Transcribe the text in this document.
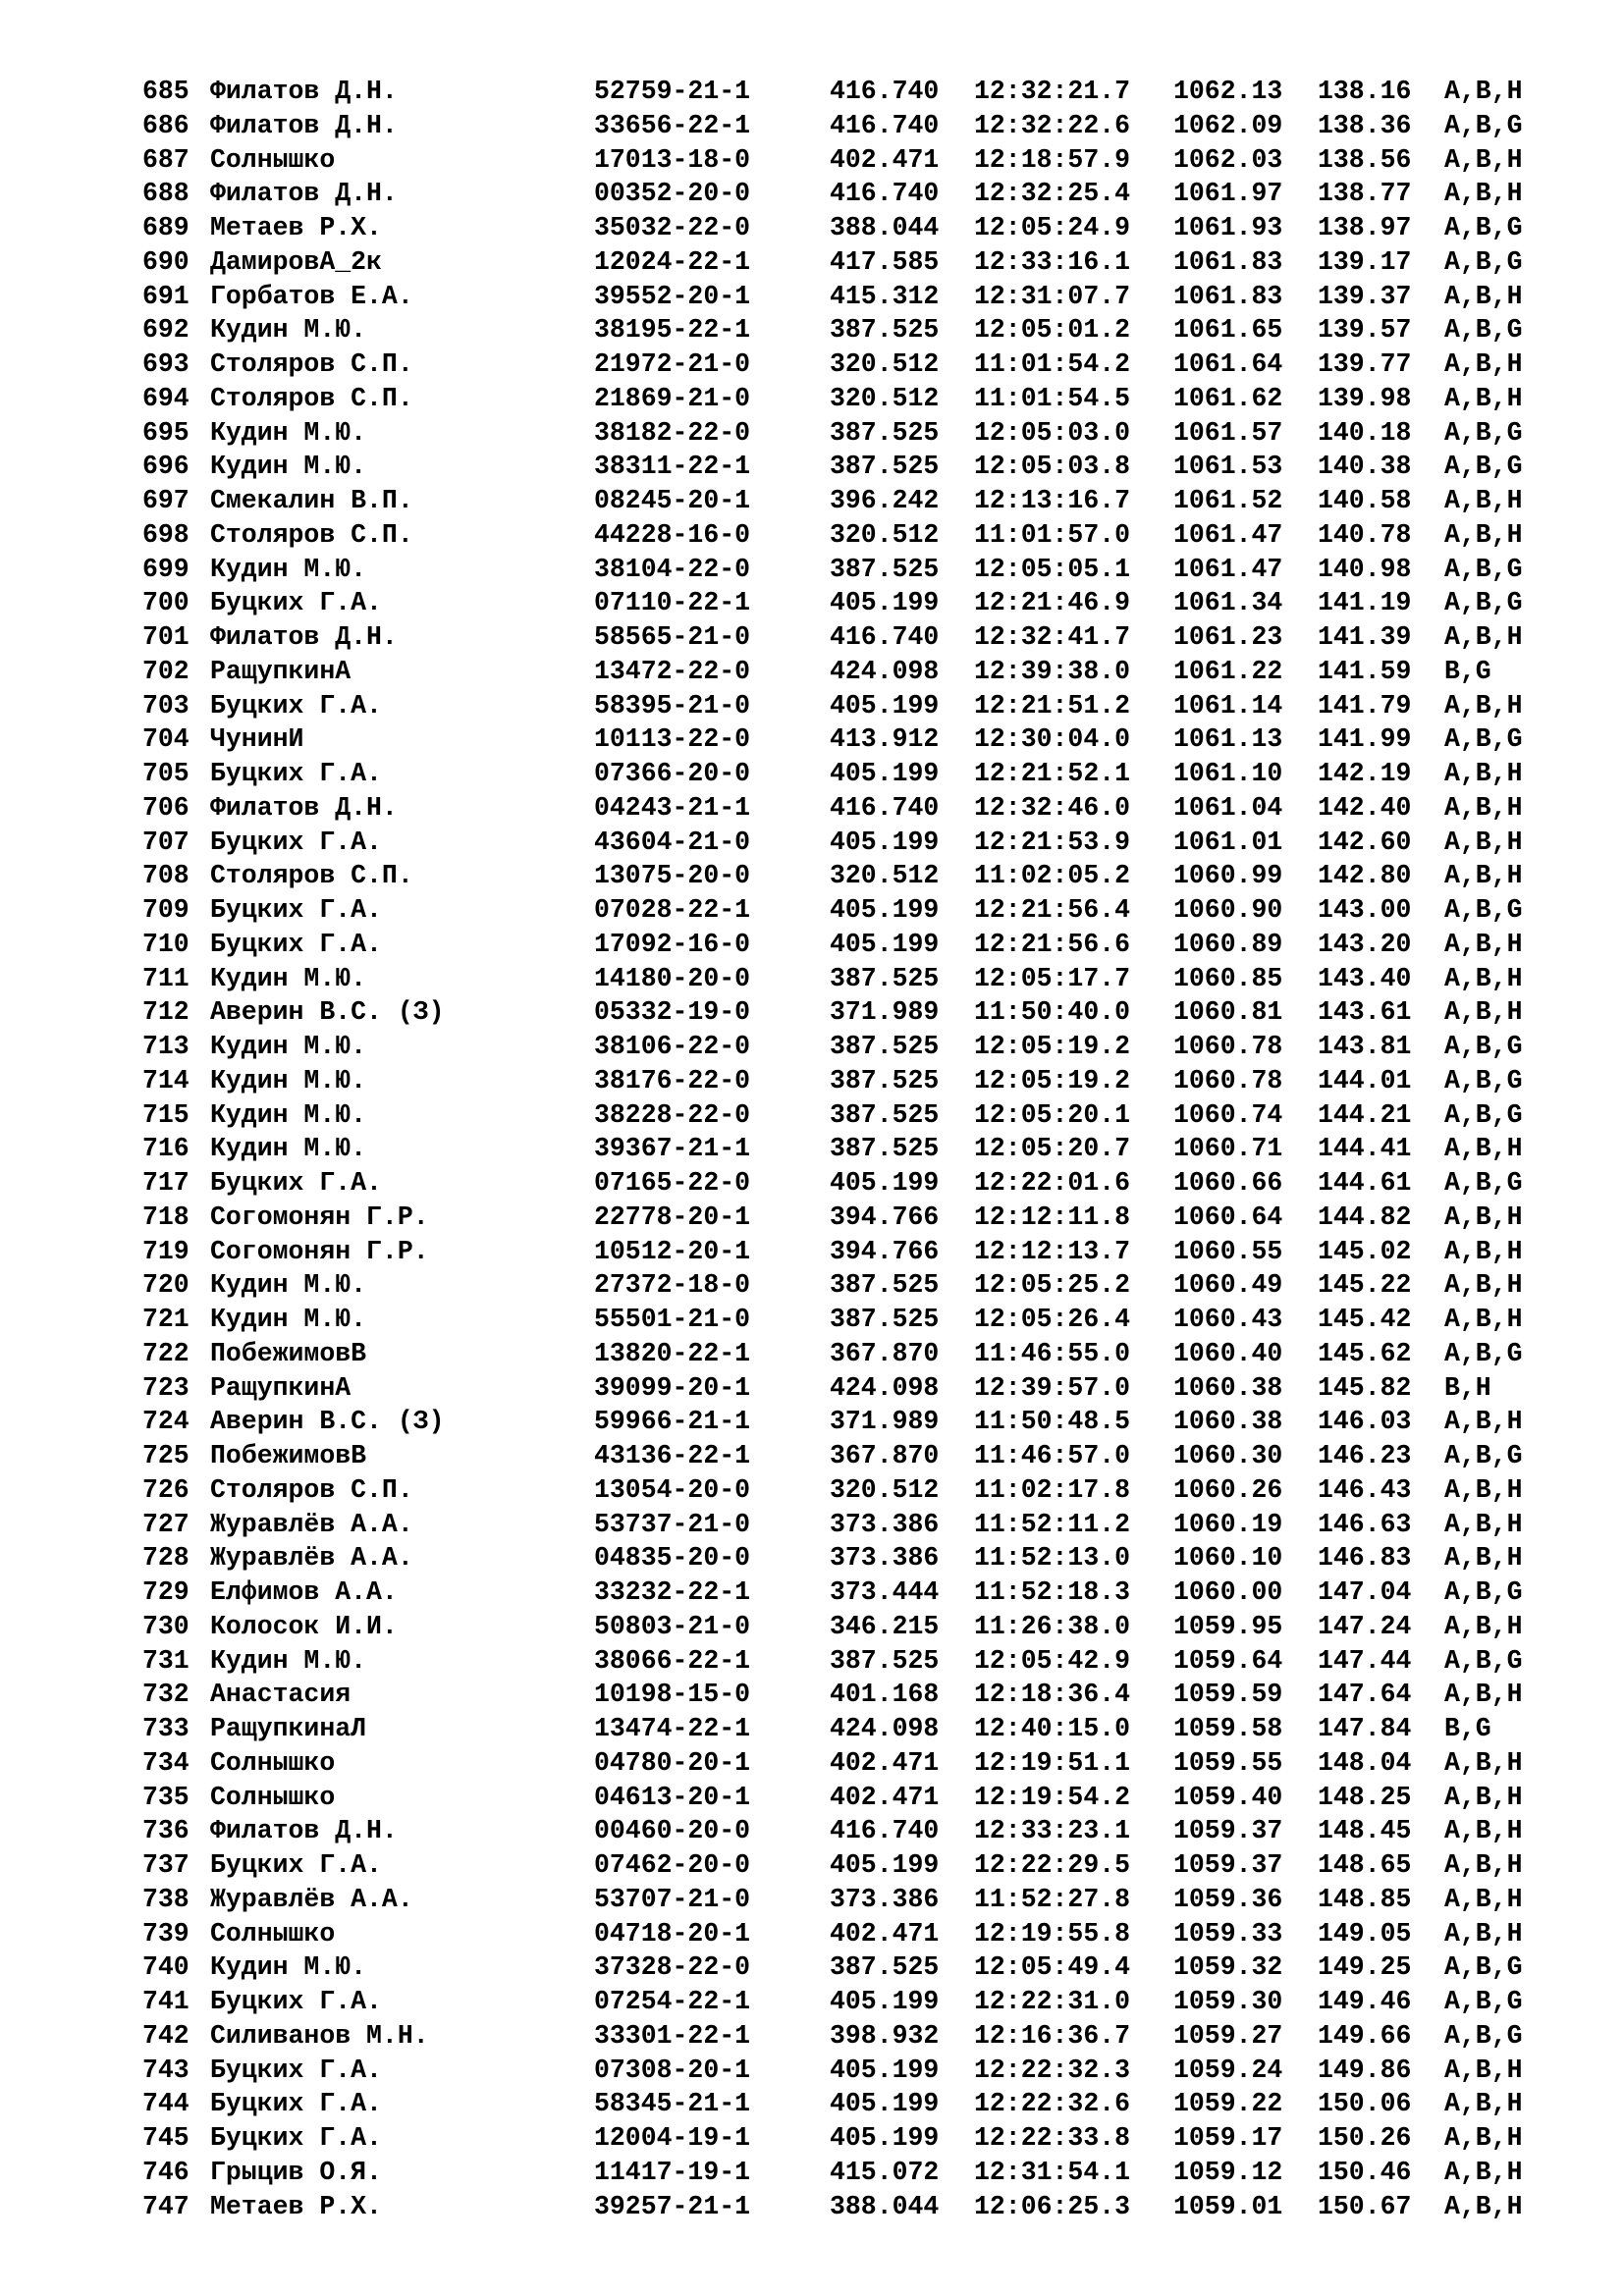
685 Филатов Д.Н.	52759-21-1	416.740	12:32:21.7	1062.13	138.16	A,B,H
686 Филатов Д.Н.	33656-22-1	416.740	12:32:22.6	1062.09	138.36	A,B,G
687 Солнышко	17013-18-0	402.471	12:18:57.9	1062.03	138.56	A,B,H
688 Филатов Д.Н.	00352-20-0	416.740	12:32:25.4	1061.97	138.77	A,B,H
689 Метаев Р.Х.	35032-22-0	388.044	12:05:24.9	1061.93	138.97	A,B,G
690 ДамировА_2к	12024-22-1	417.585	12:33:16.1	1061.83	139.17	A,B,G
691 Горбатов Е.А.	39552-20-1	415.312	12:31:07.7	1061.83	139.37	A,B,H
692 Кудин М.Ю.	38195-22-1	387.525	12:05:01.2	1061.65	139.57	A,B,G
693 Столяров С.П.	21972-21-0	320.512	11:01:54.2	1061.64	139.77	A,B,H
694 Столяров С.П.	21869-21-0	320.512	11:01:54.5	1061.62	139.98	A,B,H
695 Кудин М.Ю.	38182-22-0	387.525	12:05:03.0	1061.57	140.18	A,B,G
696 Кудин М.Ю.	38311-22-1	387.525	12:05:03.8	1061.53	140.38	A,B,G
697 Смекалин В.П.	08245-20-1	396.242	12:13:16.7	1061.52	140.58	A,B,H
698 Столяров С.П.	44228-16-0	320.512	11:01:57.0	1061.47	140.78	A,B,H
699 Кудин М.Ю.	38104-22-0	387.525	12:05:05.1	1061.47	140.98	A,B,G
700 Буцких Г.А.	07110-22-1	405.199	12:21:46.9	1061.34	141.19	A,B,G
701 Филатов Д.Н.	58565-21-0	416.740	12:32:41.7	1061.23	141.39	A,B,H
702 РащупкинА	13472-22-0	424.098	12:39:38.0	1061.22	141.59	B,G
703 Буцких Г.А.	58395-21-0	405.199	12:21:51.2	1061.14	141.79	A,B,H
704 ЧунинИ	10113-22-0	413.912	12:30:04.0	1061.13	141.99	A,B,G
705 Буцких Г.А.	07366-20-0	405.199	12:21:52.1	1061.10	142.19	A,B,H
706 Филатов Д.Н.	04243-21-1	416.740	12:32:46.0	1061.04	142.40	A,B,H
707 Буцких Г.А.	43604-21-0	405.199	12:21:53.9	1061.01	142.60	A,B,H
708 Столяров С.П.	13075-20-0	320.512	11:02:05.2	1060.99	142.80	A,B,H
709 Буцких Г.А.	07028-22-1	405.199	12:21:56.4	1060.90	143.00	A,B,G
710 Буцких Г.А.	17092-16-0	405.199	12:21:56.6	1060.89	143.20	A,B,H
711 Кудин М.Ю.	14180-20-0	387.525	12:05:17.7	1060.85	143.40	A,B,H
712 Аверин В.С. (З)	05332-19-0	371.989	11:50:40.0	1060.81	143.61	A,B,H
713 Кудин М.Ю.	38106-22-0	387.525	12:05:19.2	1060.78	143.81	A,B,G
714 Кудин М.Ю.	38176-22-0	387.525	12:05:19.2	1060.78	144.01	A,B,G
715 Кудин М.Ю.	38228-22-0	387.525	12:05:20.1	1060.74	144.21	A,B,G
716 Кудин М.Ю.	39367-21-1	387.525	12:05:20.7	1060.71	144.41	A,B,H
717 Буцких Г.А.	07165-22-0	405.199	12:22:01.6	1060.66	144.61	A,B,G
718 Согомонян Г.Р.	22778-20-1	394.766	12:12:11.8	1060.64	144.82	A,B,H
719 Согомонян Г.Р.	10512-20-1	394.766	12:12:13.7	1060.55	145.02	A,B,H
720 Кудин М.Ю.	27372-18-0	387.525	12:05:25.2	1060.49	145.22	A,B,H
721 Кудин М.Ю.	55501-21-0	387.525	12:05:26.4	1060.43	145.42	A,B,H
722 ПобежимовВ	13820-22-1	367.870	11:46:55.0	1060.40	145.62	A,B,G
723 РащупкинА	39099-20-1	424.098	12:39:57.0	1060.38	145.82	B,H
724 Аверин В.С. (З)	59966-21-1	371.989	11:50:48.5	1060.38	146.03	A,B,H
725 ПобежимовВ	43136-22-1	367.870	11:46:57.0	1060.30	146.23	A,B,G
726 Столяров С.П.	13054-20-0	320.512	11:02:17.8	1060.26	146.43	A,B,H
727 Журавлёв А.А.	53737-21-0	373.386	11:52:11.2	1060.19	146.63	A,B,H
728 Журавлёв А.А.	04835-20-0	373.386	11:52:13.0	1060.10	146.83	A,B,H
729 Елфимов А.А.	33232-22-1	373.444	11:52:18.3	1060.00	147.04	A,B,G
730 Колосок И.И.	50803-21-0	346.215	11:26:38.0	1059.95	147.24	A,B,H
731 Кудин М.Ю.	38066-22-1	387.525	12:05:42.9	1059.64	147.44	A,B,G
732 Анастасия	10198-15-0	401.168	12:18:36.4	1059.59	147.64	A,B,H
733 РащупкинаЛ	13474-22-1	424.098	12:40:15.0	1059.58	147.84	B,G
734 Солнышко	04780-20-1	402.471	12:19:51.1	1059.55	148.04	A,B,H
735 Солнышко	04613-20-1	402.471	12:19:54.2	1059.40	148.25	A,B,H
736 Филатов Д.Н.	00460-20-0	416.740	12:33:23.1	1059.37	148.45	A,B,H
737 Буцких Г.А.	07462-20-0	405.199	12:22:29.5	1059.37	148.65	A,B,H
738 Журавлёв А.А.	53707-21-0	373.386	11:52:27.8	1059.36	148.85	A,B,H
739 Солнышко	04718-20-1	402.471	12:19:55.8	1059.33	149.05	A,B,H
740 Кудин М.Ю.	37328-22-0	387.525	12:05:49.4	1059.32	149.25	A,B,G
741 Буцких Г.А.	07254-22-1	405.199	12:22:31.0	1059.30	149.46	A,B,G
742 Силиванов М.Н.	33301-22-1	398.932	12:16:36.7	1059.27	149.66	A,B,G
743 Буцких Г.А.	07308-20-1	405.199	12:22:32.3	1059.24	149.86	A,B,H
744 Буцких Г.А.	58345-21-1	405.199	12:22:32.6	1059.22	150.06	A,B,H
745 Буцких Г.А.	12004-19-1	405.199	12:22:33.8	1059.17	150.26	A,B,H
746 Грыцив О.Я.	11417-19-1	415.072	12:31:54.1	1059.12	150.46	A,B,H
747 Метаев Р.Х.	39257-21-1	388.044	12:06:25.3	1059.01	150.67	A,B,H
